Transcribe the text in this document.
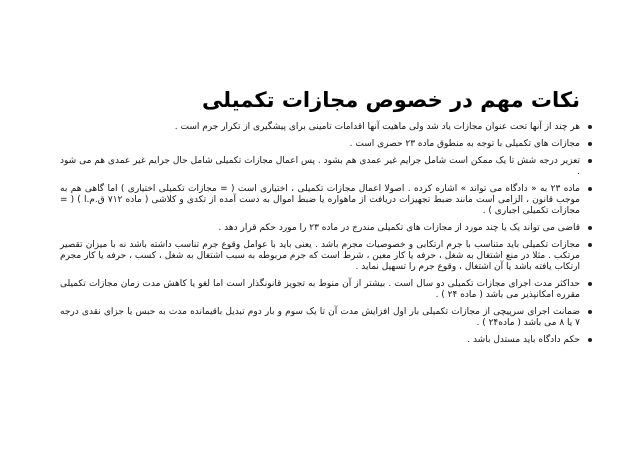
نکات مهم در خصوص مجازات تکمیلی
هر چند از آنها تحت عنوان مجازات یاد شد ولی ماهیت آنها اقدامات تامینی برای پیشگیری از تکرار جرم است .
مجازات های تکمیلی با توجه به منطوق ماده ۲۳ حصری است .
تعزیر درجه شش تا یک ممکن است شامل جرایم غیر عمدی هم بشود . پس اعمال مجازات تکمیلی شامل حال جرایم غیر عمدی هم می شود .
ماده ۲۳ به « دادگاه می تواند » اشاره کرده . اصولا اعمال مجازات تکمیلی ، اختیاری است ( = مجازات تکمیلی اختیاری ) اما گاهی هم به موجب قانون ، الزامی است مانند ضبط تجهیزات دریافت از ماهواره یا ضبط اموال به دست آمده از تکدی و کلاشی ( ماده ۷۱۲ ق.م.ا ) ( = مجازات تکمیلی اجباری ) .
قاضی می تواند یک یا چند مورد از مجازات های تکمیلی مندرج در ماده ۲۳ را مورد حکم قرار دهد .
مجازات تکمیلی باید متناسب با جرم ارتکابی و خصوصیات مجرم باشد . یعنی باید با عوامل وقوع جرم تناسب داشته باشد نه با میزان تقصیر مرتکب . مثلا در منع اشتغال به شغل ، حرفه یا کار معین ، شرط است که جرم مربوطه به سبب اشتغال به شغل ، کسب ، حرفه یا کار مجرم ارتکاب یافته باشد یا آن اشتغال ، وقوع جرم را تسهیل نماید .
حداکثر مدت اجرای مجازات تکمیلی دو سال است . بیشتر از آن منوط به تجویز قانونگذار است اما لغو یا کاهش مدت زمان مجازات تکمیلی مقرره امکانپذیر می باشد ( ماده ۲۴ ) .
ضمانت اجرای سرپیچی از مجازات تکمیلی بار اول افزایش مدت آن تا یک سوم و بار دوم تبدیل باقیمانده مدت به حبس یا جزای نقدی درجه ۷ یا ۸ می باشد ( ماده۲۴ ) .
حکم دادگاه باید مستدل باشد .
